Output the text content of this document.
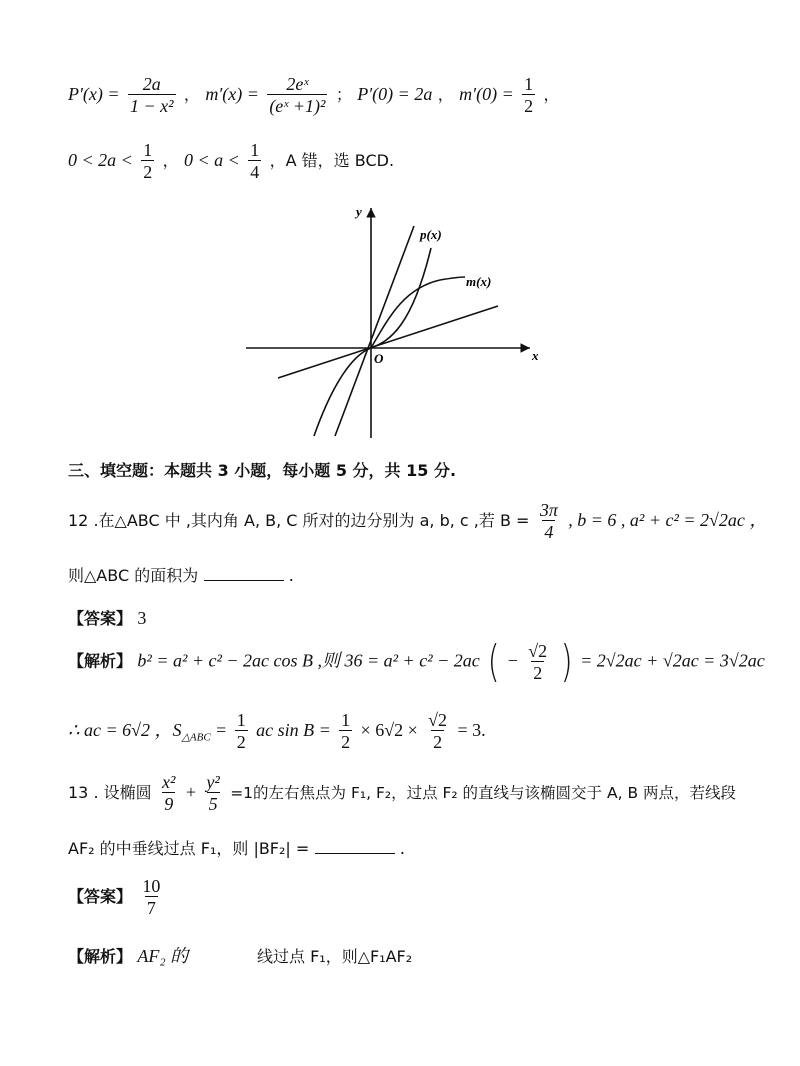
$P'(x) = \frac{2a}{\text{1 − x²}}$ ， $m'(x) = \frac{\text{2eˣ}}{\text{(eˣ +1)²}}$ ； P′(0) = 2a ， $m'(0) = \frac{1}{2}$ ，
$0 < 2a < \frac{1}{2}$ ， $0 < a < \frac{1}{4}$ ，A 错，选 BCD.
y
x
O
p(x)
m(x)
三、填空题：本题共 3 小题，每小题 5 分，共 15 分.
12 .在△ABC 中 ,其内角 A, B, C 所对的边分别为 a, b, c ,若 $B = \frac{3\pi}{4}$ , b = 6 , a² + c² = 2√2ac ，
则△ABC 的面积为	.
【答案】 3
【解析】 b² = a² + c² − 2ac cos B ,则 36 = a² + c² − 2ac ( − $\frac{√2}{2}$ ) = 2√2ac + √2ac = 3√2ac
∴ ac = 6√2 ，$S_{\triangle ABC} = \frac{1}{2}$ ac $\sin B = \frac{1}{2} \times 6√2 \times \frac{√2}{2} = 3$.
13 . 设椭圆 $\frac{\text{x²}}{9} + \frac{\text{y²}}{5} =1$的左右焦点为 F₁, F₂，过点 F₂ 的直线与该椭圆交于 A, B 两点，若线段
AF₂ 的中垂线过点 F₁，则 |BF₂| =	.
【答案】 $\frac{10}{7}$
【解析】 AF₂ 的	线过点 F₁，则△F₁AF₂
